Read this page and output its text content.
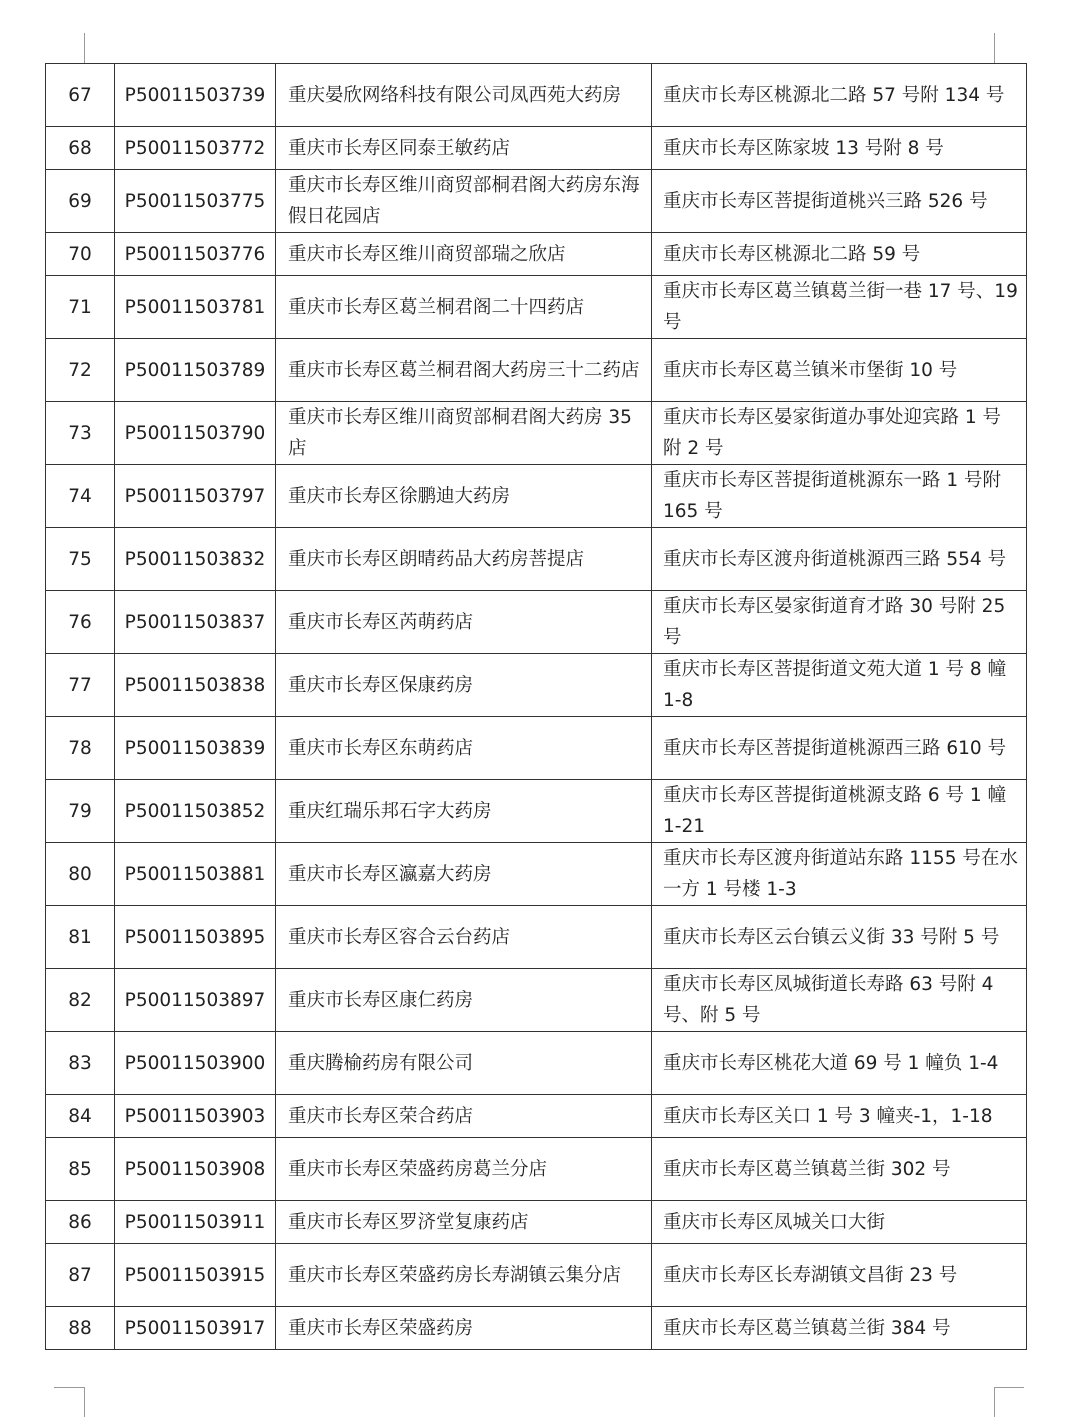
67	P50011503739	重庆晏欣网络科技有限公司凤西苑大药房	重庆市长寿区桃源北二路 57 号附 134 号
68	P50011503772	重庆市长寿区同泰王敏药店	重庆市长寿区陈家坡 13 号附 8 号
69	P50011503775	重庆市长寿区维川商贸部桐君阁大药房东海假日花园店	重庆市长寿区菩提街道桃兴三路 526 号
70	P50011503776	重庆市长寿区维川商贸部瑞之欣店	重庆市长寿区桃源北二路 59 号
71	P50011503781	重庆市长寿区葛兰桐君阁二十四药店	重庆市长寿区葛兰镇葛兰街一巷 17 号、19 号
72	P50011503789	重庆市长寿区葛兰桐君阁大药房三十二药店	重庆市长寿区葛兰镇米市堡街 10 号
73	P50011503790	重庆市长寿区维川商贸部桐君阁大药房 35 店	重庆市长寿区晏家街道办事处迎宾路 1 号附 2 号
74	P50011503797	重庆市长寿区徐鹏迪大药房	重庆市长寿区菩提街道桃源东一路 1 号附 165 号
75	P50011503832	重庆市长寿区朗晴药品大药房菩提店	重庆市长寿区渡舟街道桃源西三路 554 号
76	P50011503837	重庆市长寿区芮萌药店	重庆市长寿区晏家街道育才路 30 号附 25 号
77	P50011503838	重庆市长寿区保康药房	重庆市长寿区菩提街道文苑大道 1 号 8 幢 1-8
78	P50011503839	重庆市长寿区东萌药店	重庆市长寿区菩提街道桃源西三路 610 号
79	P50011503852	重庆红瑞乐邦石字大药房	重庆市长寿区菩提街道桃源支路 6 号 1 幢 1-21
80	P50011503881	重庆市长寿区瀛嘉大药房	重庆市长寿区渡舟街道站东路 1155 号在水一方 1 号楼 1-3
81	P50011503895	重庆市长寿区容合云台药店	重庆市长寿区云台镇云义街 33 号附 5 号
82	P50011503897	重庆市长寿区康仁药房	重庆市长寿区凤城街道长寿路 63 号附 4 号、附 5 号
83	P50011503900	重庆腾榆药房有限公司	重庆市长寿区桃花大道 69 号 1 幢负 1-4
84	P50011503903	重庆市长寿区荣合药店	重庆市长寿区关口 1 号 3 幢夹-1，1-18
85	P50011503908	重庆市长寿区荣盛药房葛兰分店	重庆市长寿区葛兰镇葛兰街 302 号
86	P50011503911	重庆市长寿区罗济堂复康药店	重庆市长寿区凤城关口大街
87	P50011503915	重庆市长寿区荣盛药房长寿湖镇云集分店	重庆市长寿区长寿湖镇文昌街 23 号
88	P50011503917	重庆市长寿区荣盛药房	重庆市长寿区葛兰镇葛兰街 384 号
